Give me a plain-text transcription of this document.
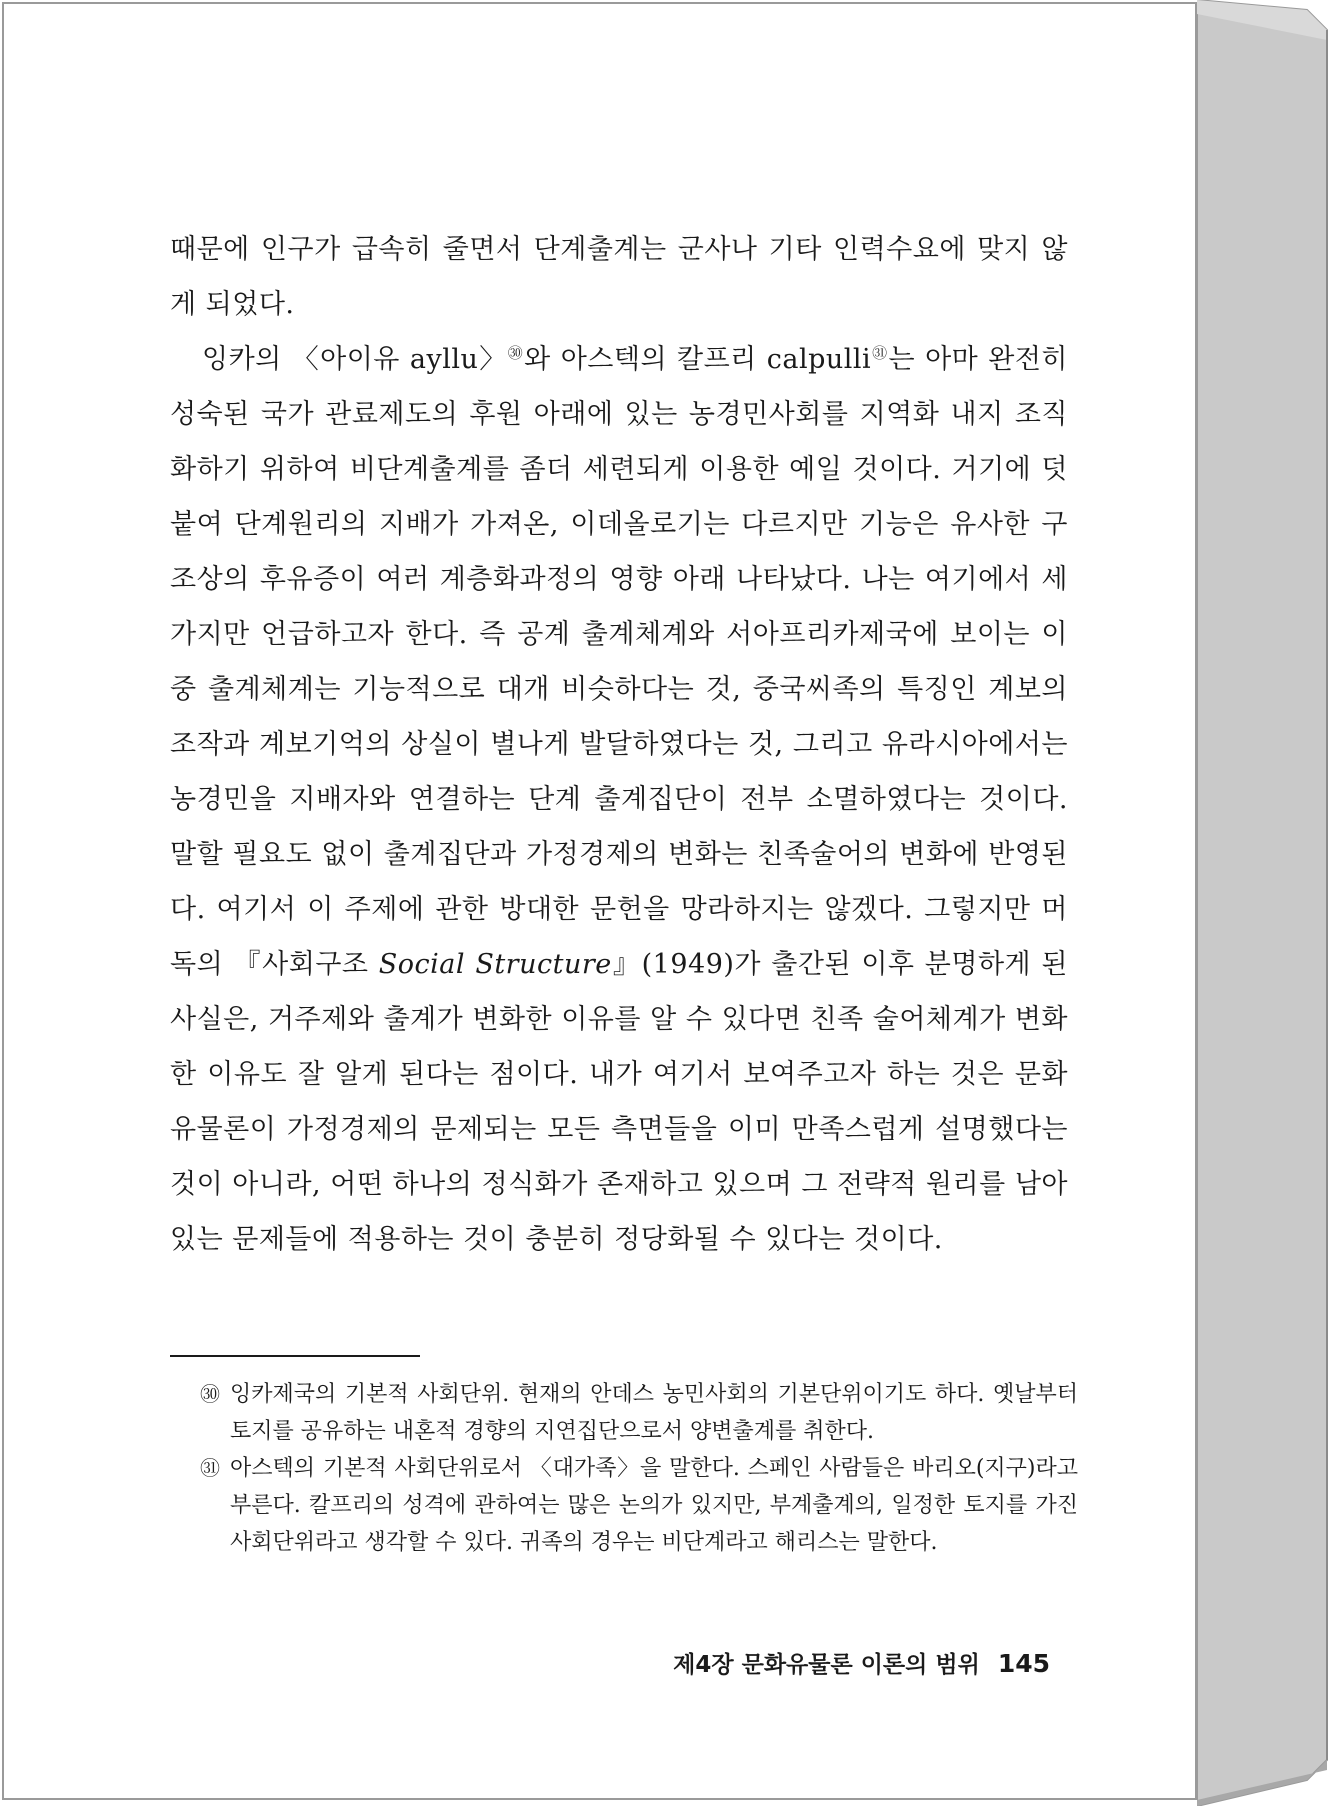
때문에 인구가 급속히 줄면서 단계출계는 군사나 기타 인력수요에 맞지 않게 되었다.

잉카의 〈아이유 ayllu〉$^㉚$와 아스텍의 칼프리 calpulli$^㉛$는 아마 완전히 성숙된 국가 관료제도의 후원 아래에 있는 농경민사회를 지역화 내지 조직화하기 위하여 비단계출계를 좀더 세련되게 이용한 예일 것이다. 거기에 덧붙여 단계원리의 지배가 가져온, 이데올로기는 다르지만 기능은 유사한 구조상의 후유증이 여러 계층화과정의 영향 아래 나타났다. 나는 여기에서 세 가지만 언급하고자 한다. 즉 공계 출계체계와 서아프리카제국에 보이는 이중 출계체계는 기능적으로 대개 비슷하다는 것, 중국씨족의 특징인 계보의 조작과 계보기억의 상실이 별나게 발달하였다는 것, 그리고 유라시아에서는 농경민을 지배자와 연결하는 단계 출계집단이 전부 소멸하였다는 것이다. 말할 필요도 없이 출계집단과 가정경제의 변화는 친족술어의 변화에 반영된다. 여기서 이 주제에 관한 방대한 문헌을 망라하지는 않겠다. 그렇지만 머독의 『사회구조 Social Structure』(1949)가 출간된 이후 분명하게 된 사실은, 거주제와 출계가 변화한 이유를 알 수 있다면 친족 술어체계가 변화한 이유도 잘 알게 된다는 점이다. 내가 여기서 보여주고자 하는 것은 문화유물론이 가정경제의 문제되는 모든 측면들을 이미 만족스럽게 설명했다는 것이 아니라, 어떤 하나의 정식화가 존재하고 있으며 그 전략적 원리를 남아 있는 문제들에 적용하는 것이 충분히 정당화될 수 있다는 것이다.

㉚ 잉카제국의 기본적 사회단위. 현재의 안데스 농민사회의 기본단위이기도 하다. 옛날부터 토지를 공유하는 내혼적 경향의 지연집단으로서 양변출계를 취한다.

㉛ 아스텍의 기본적 사회단위로서 〈대가족〉을 말한다. 스페인 사람들은 바리오(지구)라고 부른다. 칼프리의 성격에 관하여는 많은 논의가 있지만, 부계출계의, 일정한 토지를 가진 사회단위라고 생각할 수 있다. 귀족의 경우는 비단계라고 해리스는 말한다.

제4장 문화유물론 이론의 범위 145
